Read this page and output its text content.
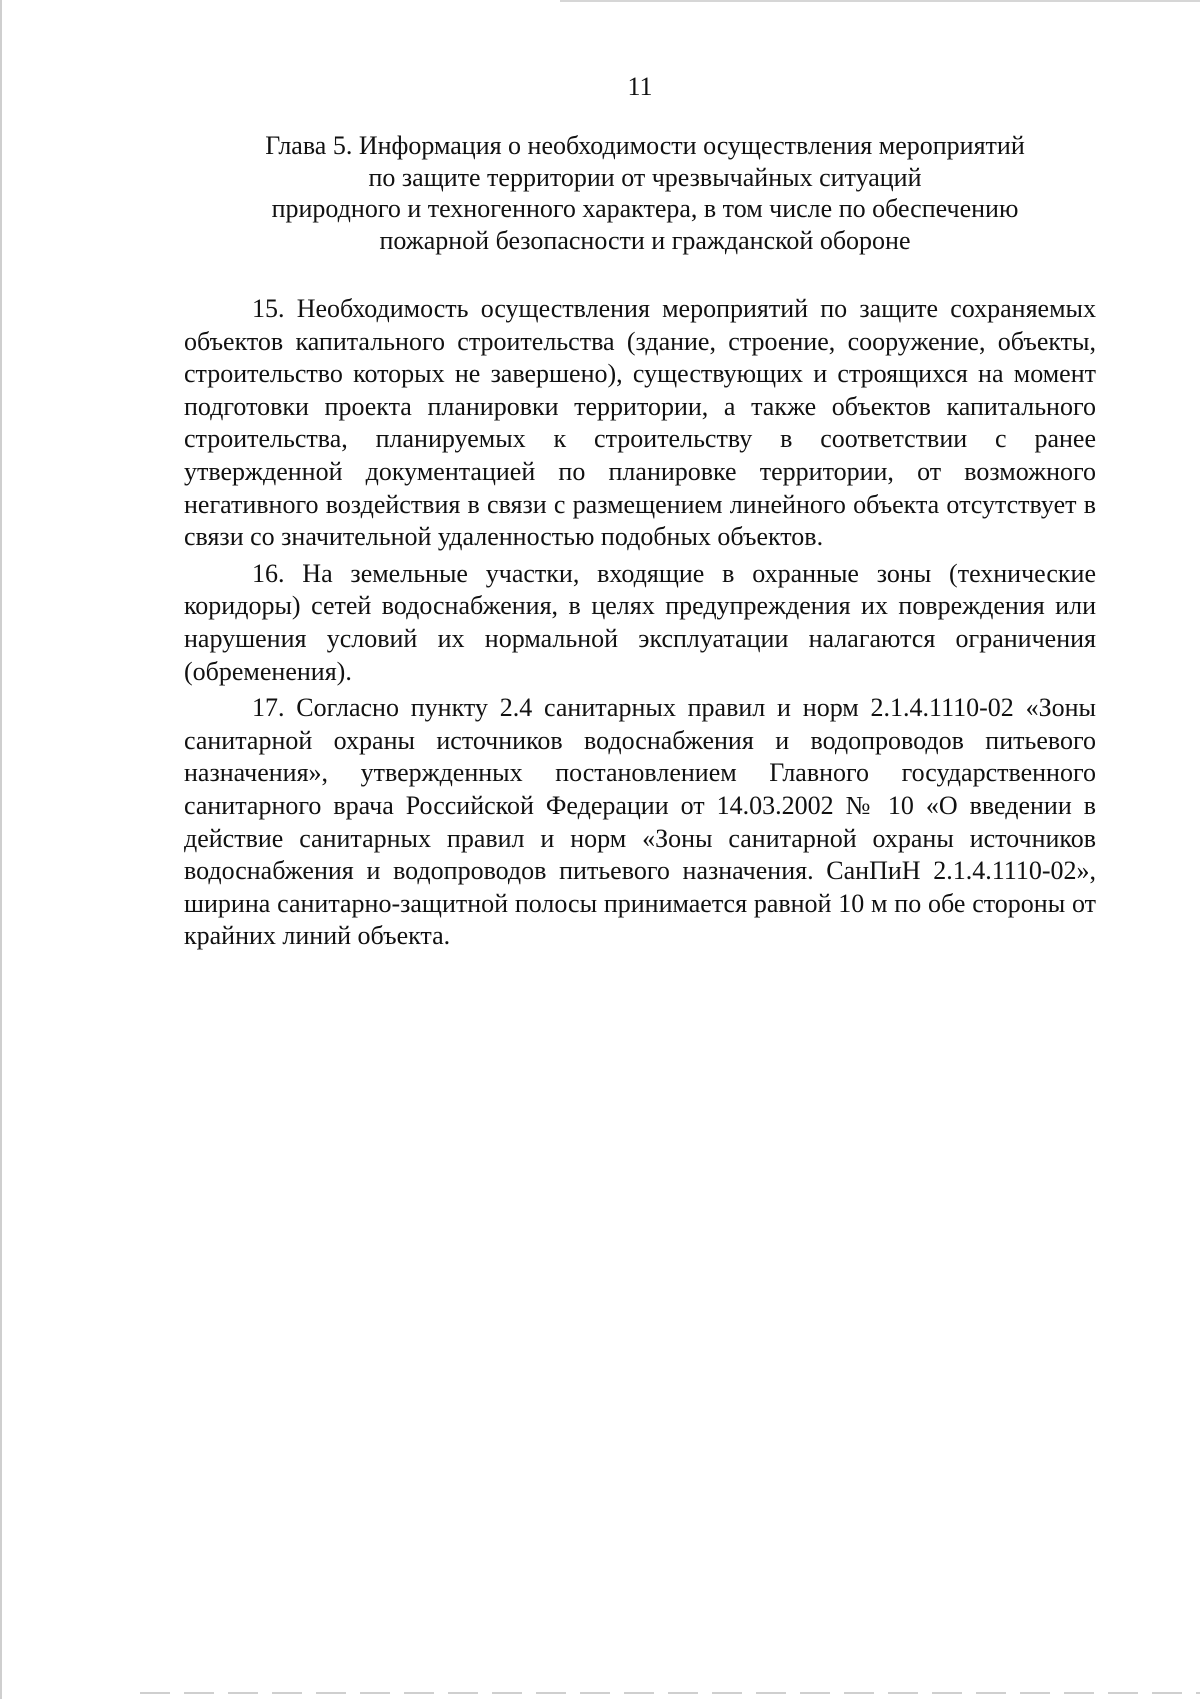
11
Глава 5. Информация о необходимости осуществления мероприятий
по защите территории от чрезвычайных ситуаций
природного и техногенного характера, в том числе по обеспечению
пожарной безопасности и гражданской обороне

15. Необходимость осуществления мероприятий по защите сохраняемых объектов капитального строительства (здание, строение, сооружение, объекты, строительство которых не завершено), существующих и строящихся на момент подготовки проекта планировки территории, а также объектов капитального строительства, планируемых к строительству в соответствии с ранее утвержденной документацией по планировке территории, от возможного негативного воздействия в связи с размещением линейного объекта отсутствует в связи со значительной удаленностью подобных объектов.

16. На земельные участки, входящие в охранные зоны (технические коридоры) сетей водоснабжения, в целях предупреждения их повреждения или нарушения условий их нормальной эксплуатации налагаются ограничения (обременения).

17. Согласно пункту 2.4 санитарных правил и норм 2.1.4.1110-02 «Зоны санитарной охраны источников водоснабжения и водопроводов питьевого назначения», утвержденных постановлением Главного государственного санитарного врача Российской Федерации от 14.03.2002 № 10 «О введении в действие санитарных правил и норм «Зоны санитарной охраны источников водоснабжения и водопроводов питьевого назначения. СанПиН 2.1.4.1110-02», ширина санитарно-защитной полосы принимается равной 10 м по обе стороны от крайних линий объекта.
